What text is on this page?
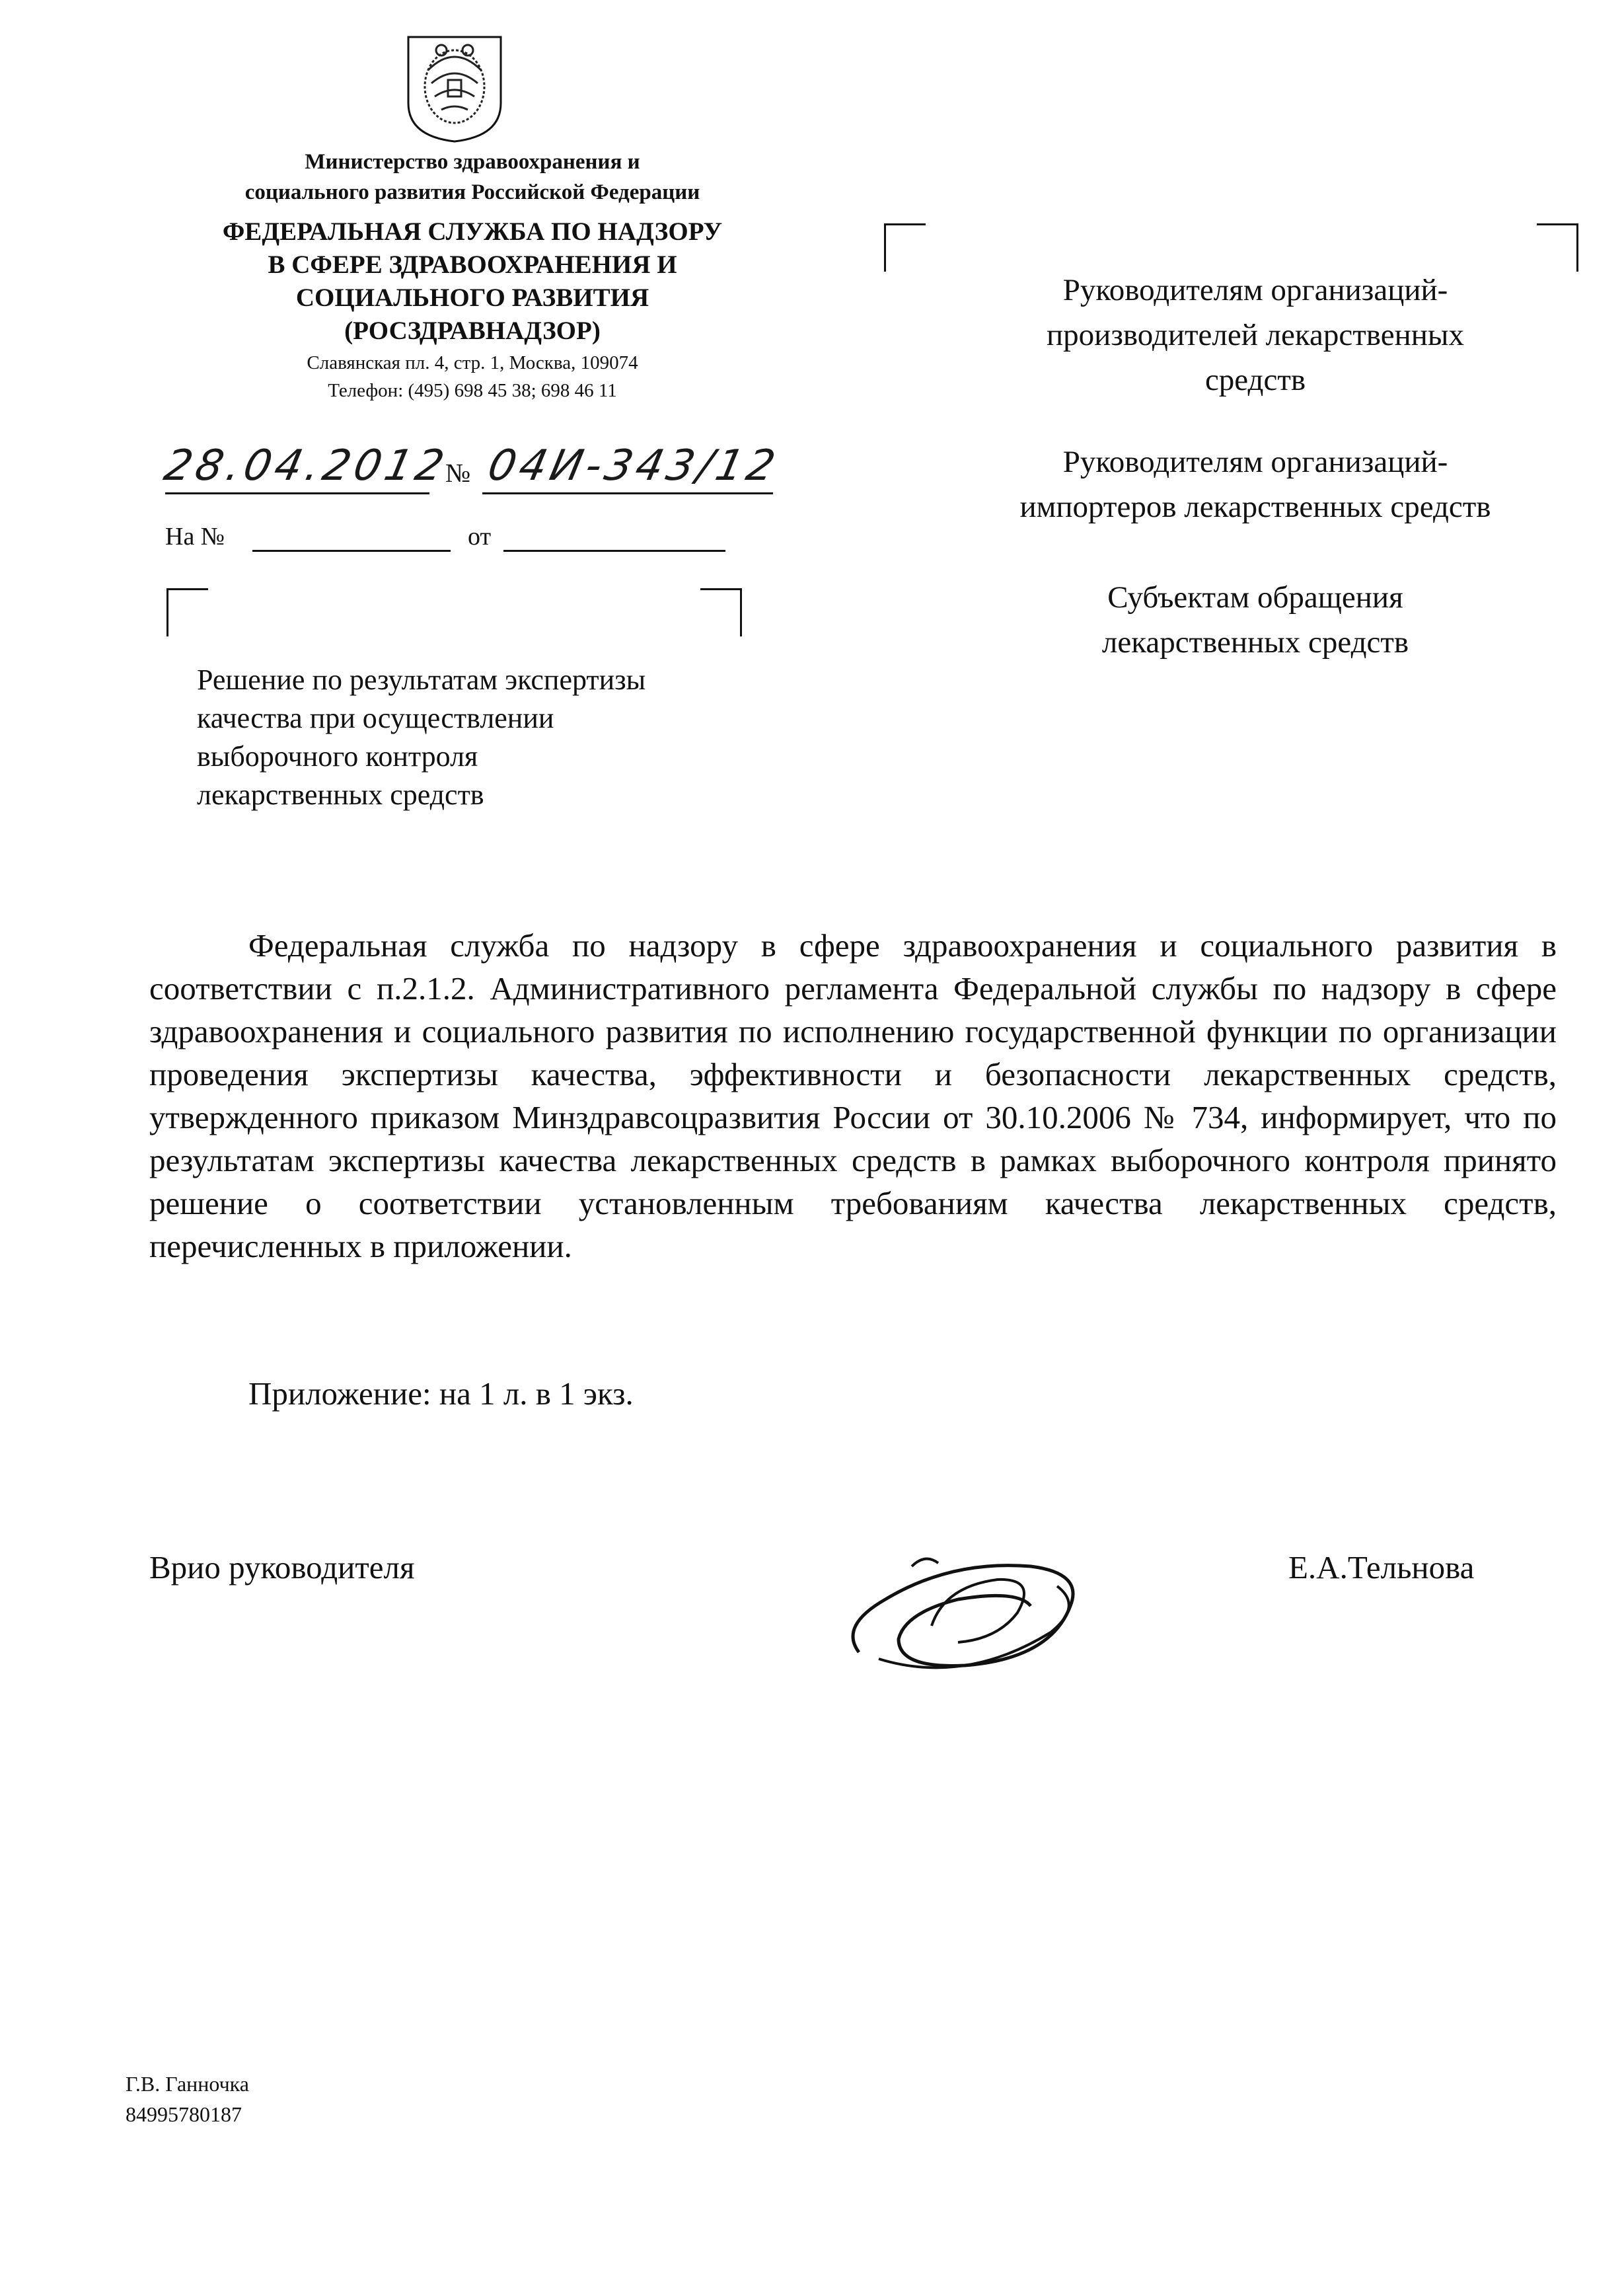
Министерство здравоохранения и
социального развития Российской Федерации
ФЕДЕРАЛЬНАЯ СЛУЖБА ПО НАДЗОРУ
В СФЕРЕ ЗДРАВООХРАНЕНИЯ И
СОЦИАЛЬНОГО РАЗВИТИЯ
(РОСЗДРАВНАДЗОР)
Славянская пл. 4, стр. 1, Москва, 109074
Телефон: (495) 698 45 38; 698 46 11
28.04.2012
№ 04И-343/12
На №	от
Решение по результатам экспертизы
качества при осуществлении
выборочного контроля
лекарственных средств
Руководителям организаций-
производителей лекарственных
средств
Руководителям организаций-
импортеров лекарственных средств
Субъектам обращения
лекарственных средств
Федеральная служба по надзору в сфере здравоохранения и социального развития в соответствии с п.2.1.2. Административного регламента Федеральной службы по надзору в сфере здравоохранения и социального развития по исполнению государственной функции по организации проведения экспертизы качества, эффективности и безопасности лекарственных средств, утвержденного приказом Минздравсоцразвития России от 30.10.2006 № 734, информирует, что по результатам экспертизы качества лекарственных средств в рамках выборочного контроля принято решение о соответствии установленным требованиям качества лекарственных средств, перечисленных в приложении.
Приложение: на 1 л. в 1 экз.
Врио руководителя	Е.А.Тельнова
Г.В. Ганночка
84995780187
